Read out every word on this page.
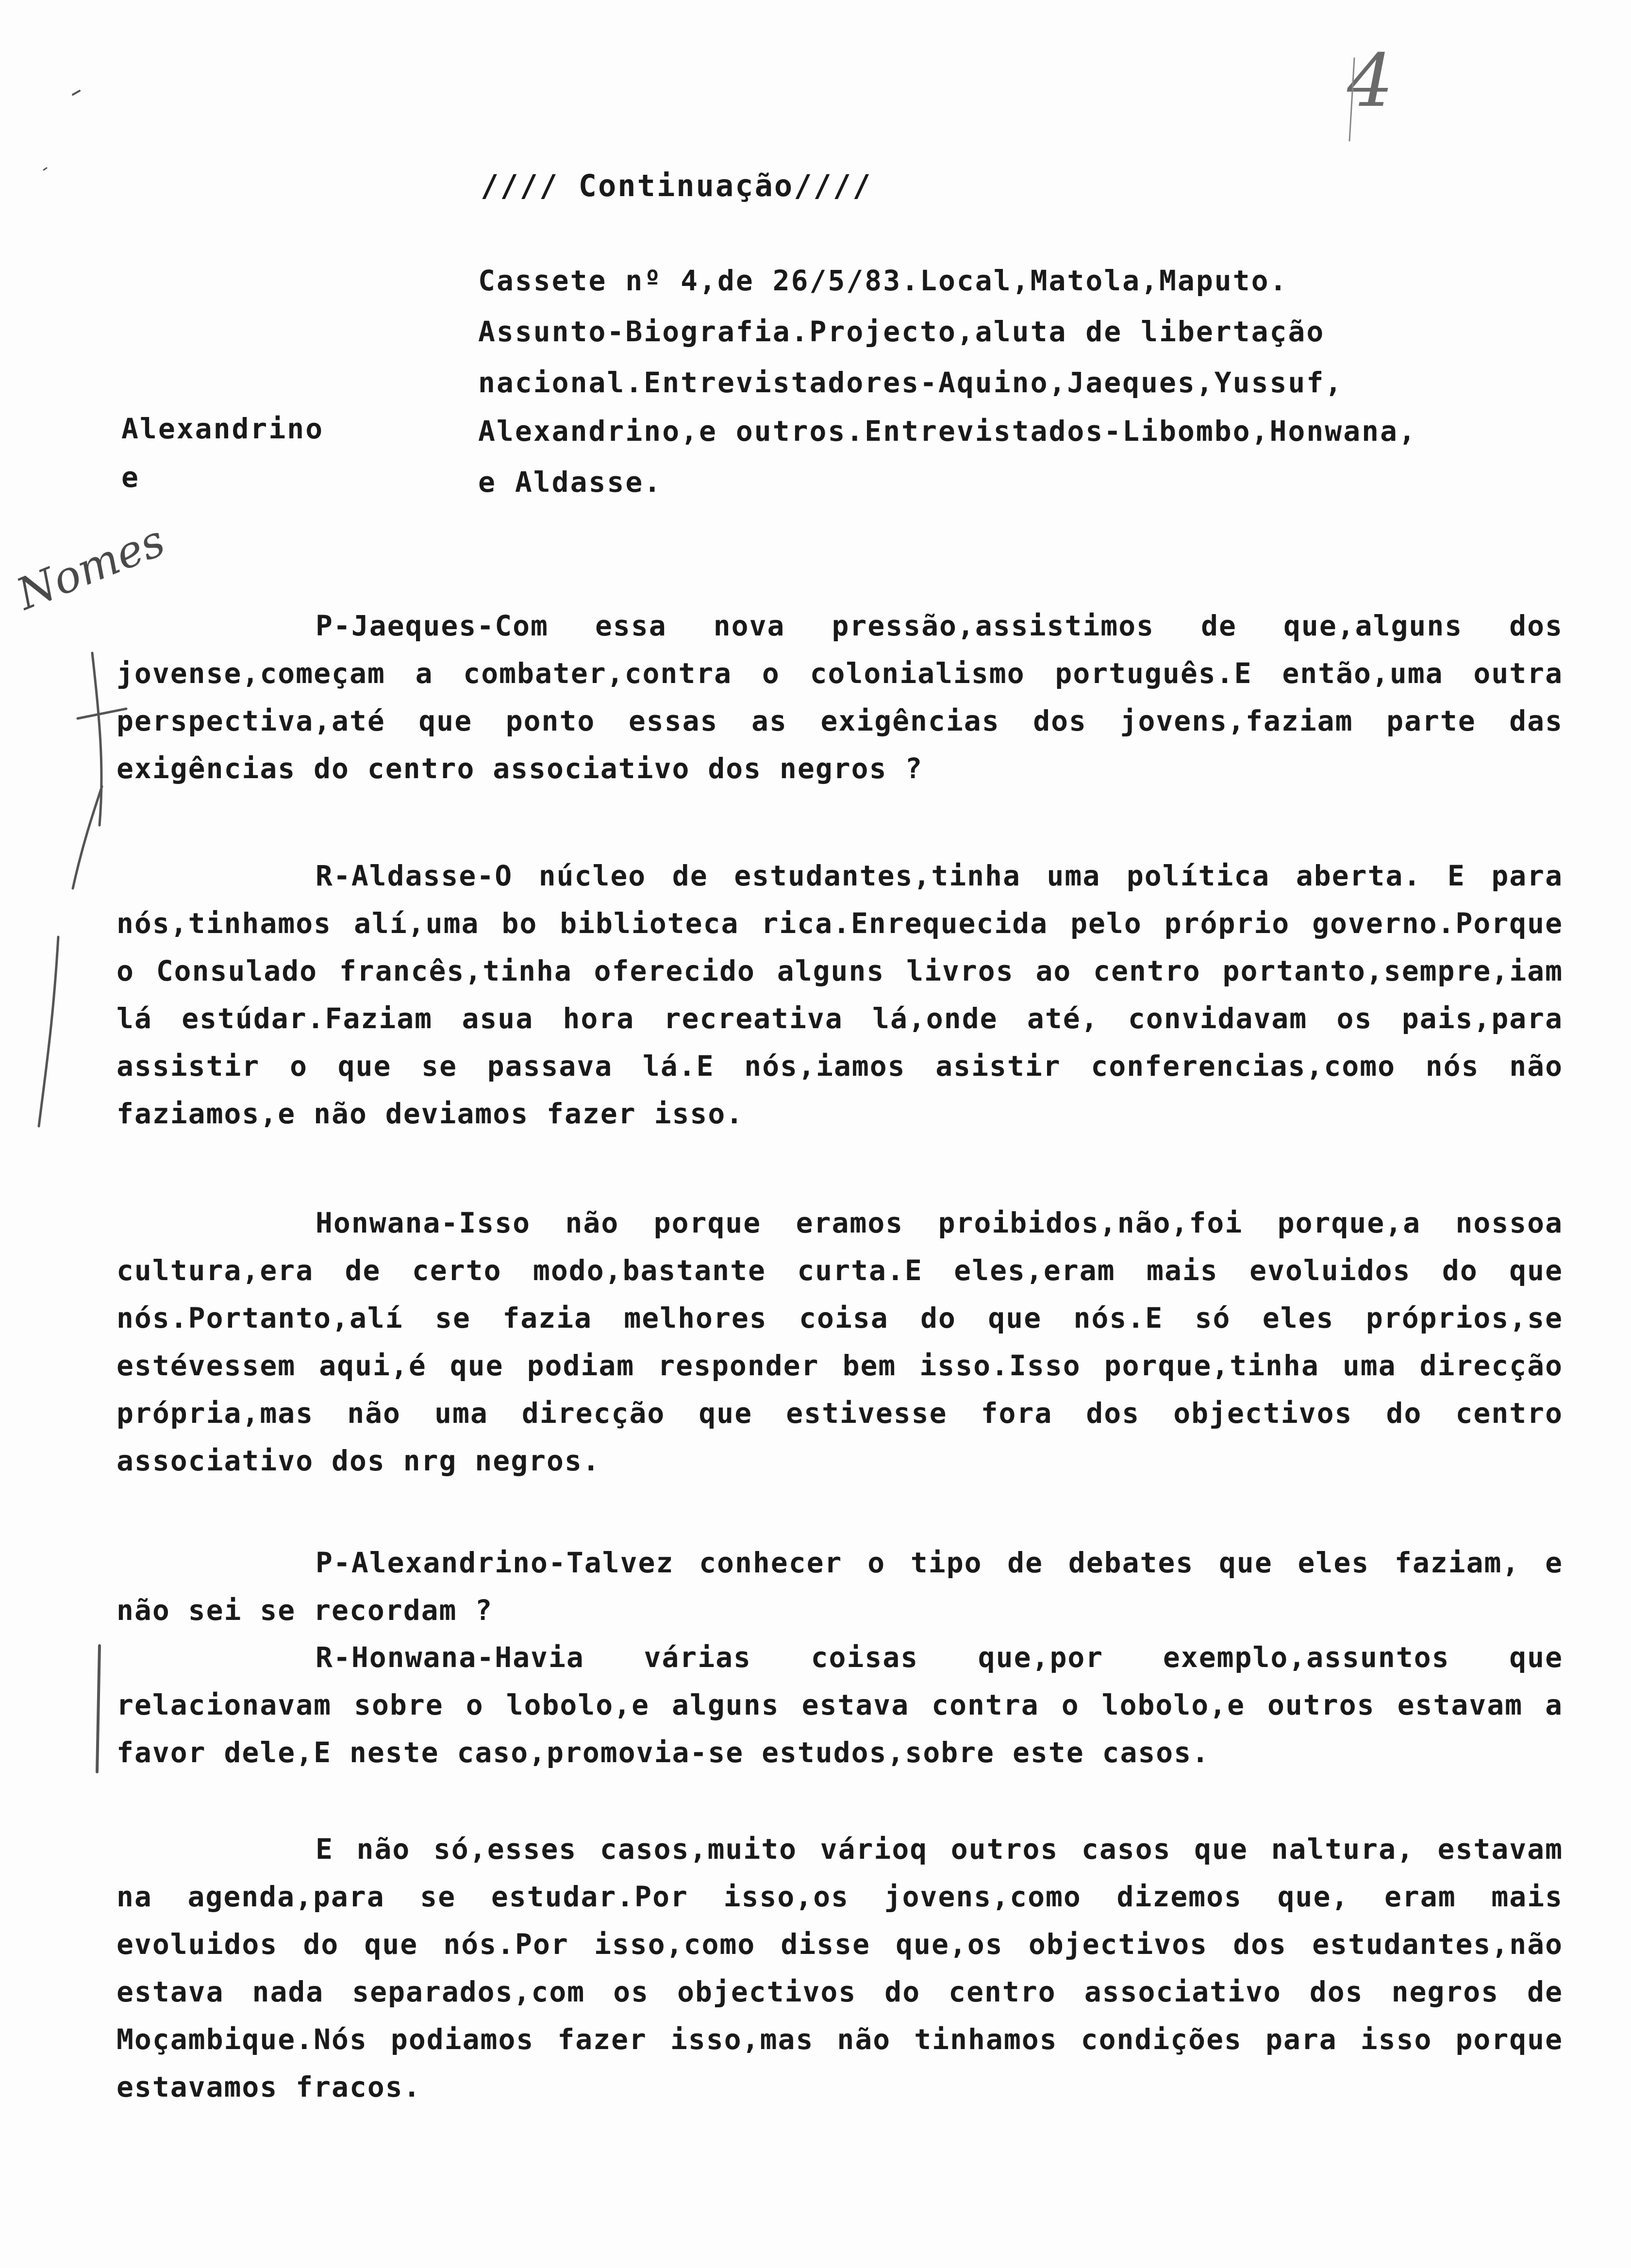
4
//// Continuação////
Alexandrino
e
Cassete nº 4,de 26/5/83.Local,Matola,Maputo.
Assunto-Biografia.Projecto,aluta de libertação
nacional.Entrevistadores-Aquino,Jaeques,Yussuf,
Alexandrino,e outros.Entrevistados-Libombo,Honwana,
e Aldasse.
Nomes

P-Jaeques-Com essa nova pressão,assistimos de que,alguns dos jovense,começam a combater,contra o colonialismo português.E então,uma outra perspectiva,até que ponto essas as exigências dos jovens,faziam parte das exigências do centro associativo dos negros ?

R-Aldasse-O núcleo de estudantes,tinha uma política aberta. E para nós,tinhamos alí,uma bo biblioteca rica.Enrequecida pelo próprio governo.Porque o Consulado francês,tinha oferecido alguns livros ao centro portanto,sempre,iam lá estúdar.Faziam asua hora recreativa lá,onde até, convidavam os pais,para assistir o que se passava lá.E nós,iamos asistir conferencias,como nós não faziamos,e não deviamos fazer isso.

Honwana-Isso não porque eramos proibidos,não,foi porque,a nossoa cultura,era de certo modo,bastante curta.E eles,eram mais evoluidos do que nós.Portanto,alí se fazia melhores coisa do que nós.E só eles próprios,se estévessem aqui,é que podiam responder bem isso.Isso porque,tinha uma direcção própria,mas não uma direcção que estivesse fora dos objectivos do centro associativo dos nrg negros.

P-Alexandrino-Talvez conhecer o tipo de debates que eles faziam, e não sei se recordam ?

R-Honwana-Havia várias coisas que,por exemplo,assuntos que relacionavam sobre o lobolo,e alguns estava contra o lobolo,e outros estavam a favor dele,E neste caso,promovia-se estudos,sobre este casos.

E não só,esses casos,muito várioq outros casos que naltura, estavam na agenda,para se estudar.Por isso,os jovens,como dizemos que, eram mais evoluidos do que nós.Por isso,como disse que,os objectivos dos estudantes,não estava nada separados,com os objectivos do centro associativo dos negros de Moçambique.Nós podiamos fazer isso,mas não tinhamos condições para isso porque estavamos fracos.
